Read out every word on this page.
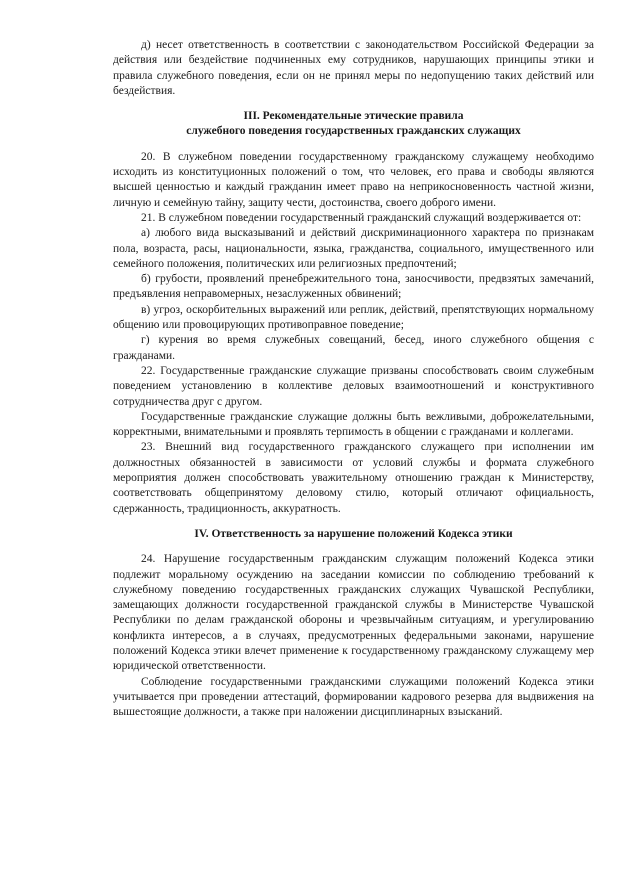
д) несет ответственность в соответствии с законодательством Российской Федерации за действия или бездействие подчиненных ему сотрудников, нарушающих принципы этики и правила служебного поведения, если он не принял меры по недопущению таких действий или бездействия.

III. Рекомендательные этические правила
служебного поведения государственных гражданских служащих

20. В служебном поведении государственному гражданскому служащему необходимо исходить из конституционных положений о том, что человек, его права и свободы являются высшей ценностью и каждый гражданин имеет право на неприкосновенность частной жизни, личную и семейную тайну, защиту чести, достоинства, своего доброго имени.

21. В служебном поведении государственный гражданский служащий воздерживается от:

а) любого вида высказываний и действий дискриминационного характера по признакам пола, возраста, расы, национальности, языка, гражданства, социального, имущественного или семейного положения, политических или религиозных предпочтений;

б) грубости, проявлений пренебрежительного тона, заносчивости, предвзятых замечаний, предъявления неправомерных, незаслуженных обвинений;

в) угроз, оскорбительных выражений или реплик, действий, препятствующих нормальному общению или провоцирующих противоправное поведение;

г) курения во время служебных совещаний, бесед, иного служебного общения с гражданами.

22. Государственные гражданские служащие призваны способствовать своим служебным поведением установлению в коллективе деловых взаимоотношений и конструктивного сотрудничества друг с другом.

Государственные гражданские служащие должны быть вежливыми, доброжелательными, корректными, внимательными и проявлять терпимость в общении с гражданами и коллегами.

23. Внешний вид государственного гражданского служащего при исполнении им должностных обязанностей в зависимости от условий службы и формата служебного мероприятия должен способствовать уважительному отношению граждан к Министерству, соответствовать общепринятому деловому стилю, который отличают официальность, сдержанность, традиционность, аккуратность.

IV. Ответственность за нарушение положений Кодекса этики

24. Нарушение государственным гражданским служащим положений Кодекса этики подлежит моральному осуждению на заседании комиссии по соблюдению требований к служебному поведению государственных гражданских служащих Чувашской Республики, замещающих должности государственной гражданской службы в Министерстве Чувашской Республики по делам гражданской обороны и чрезвычайным ситуациям, и урегулированию конфликта интересов, а в случаях, предусмотренных федеральными законами, нарушение положений Кодекса этики влечет применение к государственному гражданскому служащему мер юридической ответственности.

Соблюдение государственными гражданскими служащими положений Кодекса этики учитывается при проведении аттестаций, формировании кадрового резерва для выдвижения на вышестоящие должности, а также при наложении дисциплинарных взысканий.
